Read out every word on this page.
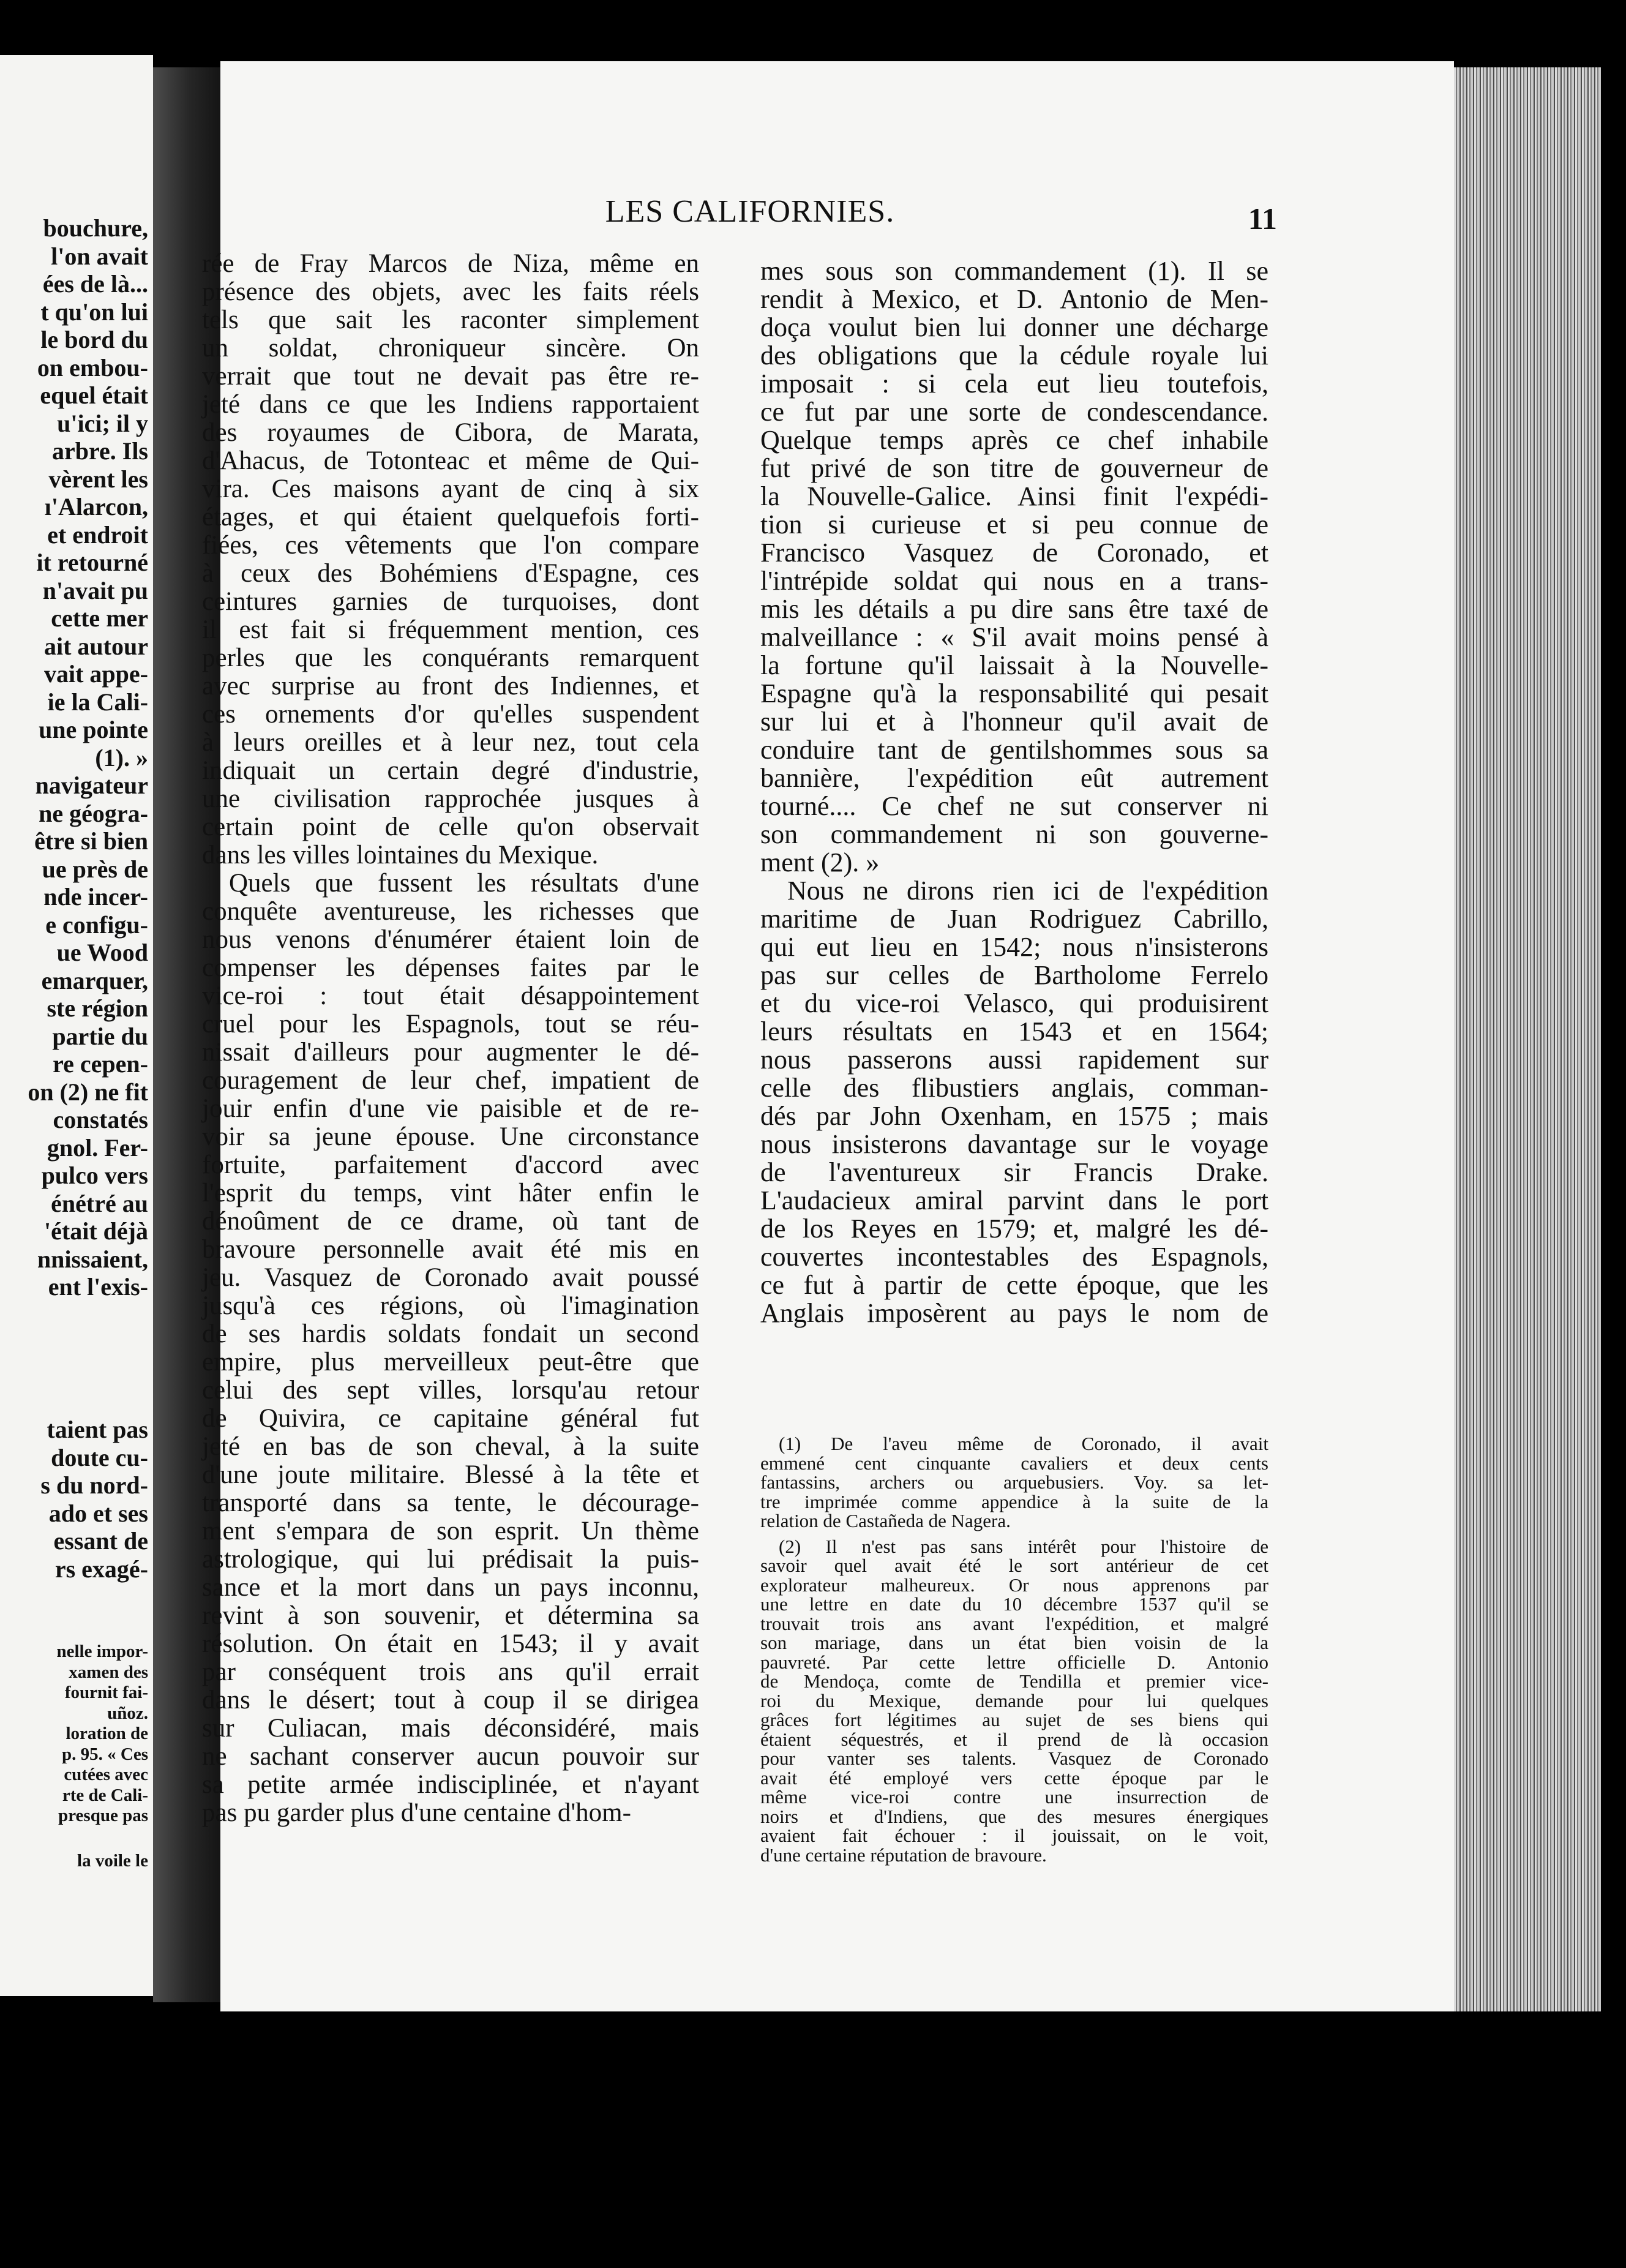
bouchure,
l'on avait
ées de là...
t qu'on lui
le bord du
on embou-
equel était
u'ici; il y
arbre. Ils
vèrent les
ı'Alarcon,
et endroit
it retourné
n'avait pu
cette mer
ait autour
vait appe-
ie la Cali-
une pointe
(1). »
navigateur
ne géogra-
être si bien
ue près de
nde incer-
e configu-
ue Wood
emarquer,
ste région
partie du
re cepen-
on (2) ne fit
constatés
gnol. Fer-
pulco vers
énétré au
'était déjà
nnissaient,
ent l'exis-
taient pas
doute cu-
s du nord-
ado et ses
essant de
rs exagé-
nelle impor-
xamen des
fournit fai-
uñoz.
loration de
p. 95. « Ces
cutées avec
rte de Cali-
presque pas
la voile le
LES CALIFORNIES.	11
rée de Fray Marcos de Niza, même en
présence des objets, avec les faits réels
tels que sait les raconter simplement
un soldat, chroniqueur sincère. On
verrait que tout ne devait pas être re-
jeté dans ce que les Indiens rapportaient
des royaumes de Cibora, de Marata,
d'Ahacus, de Totonteac et même de Qui-
vira. Ces maisons ayant de cinq à six
étages, et qui étaient quelquefois forti-
fiées, ces vêtements que l'on compare
à ceux des Bohémiens d'Espagne, ces
ceintures garnies de turquoises, dont
il est fait si fréquemment mention, ces
perles que les conquérants remarquent
avec surprise au front des Indiennes, et
ces ornements d'or qu'elles suspendent
à leurs oreilles et à leur nez, tout cela
indiquait un certain degré d'industrie,
une civilisation rapprochée jusques à
certain point de celle qu'on observait
dans les villes lointaines du Mexique.
Quels que fussent les résultats d'une
conquête aventureuse, les richesses que
nous venons d'énumérer étaient loin de
compenser les dépenses faites par le
vice-roi : tout était désappointement
cruel pour les Espagnols, tout se réu-
nissait d'ailleurs pour augmenter le dé-
couragement de leur chef, impatient de
jouir enfin d'une vie paisible et de re-
voir sa jeune épouse. Une circonstance
fortuite, parfaitement d'accord avec
l'esprit du temps, vint hâter enfin le
dénoûment de ce drame, où tant de
bravoure personnelle avait été mis en
jeu. Vasquez de Coronado avait poussé
jusqu'à ces régions, où l'imagination
de ses hardis soldats fondait un second
empire, plus merveilleux peut-être que
celui des sept villes, lorsqu'au retour
de Quivira, ce capitaine général fut
jeté en bas de son cheval, à la suite
d'une joute militaire. Blessé à la tête et
transporté dans sa tente, le décourage-
ment s'empara de son esprit. Un thème
astrologique, qui lui prédisait la puis-
sance et la mort dans un pays inconnu,
revint à son souvenir, et détermina sa
résolution. On était en 1543; il y avait
par conséquent trois ans qu'il errait
dans le désert; tout à coup il se dirigea
sur Culiacan, mais déconsidéré, mais
ne sachant conserver aucun pouvoir sur
sa petite armée indisciplinée, et n'ayant
pas pu garder plus d'une centaine d'hom-
mes sous son commandement (1). Il se
rendit à Mexico, et D. Antonio de Men-
doça voulut bien lui donner une décharge
des obligations que la cédule royale lui
imposait : si cela eut lieu toutefois,
ce fut par une sorte de condescendance.
Quelque temps après ce chef inhabile
fut privé de son titre de gouverneur de
la Nouvelle-Galice. Ainsi finit l'expédi-
tion si curieuse et si peu connue de
Francisco Vasquez de Coronado, et
l'intrépide soldat qui nous en a trans-
mis les détails a pu dire sans être taxé de
malveillance : « S'il avait moins pensé à
la fortune qu'il laissait à la Nouvelle-
Espagne qu'à la responsabilité qui pesait
sur lui et à l'honneur qu'il avait de
conduire tant de gentilshommes sous sa
bannière, l'expédition eût autrement
tourné.... Ce chef ne sut conserver ni
son commandement ni son gouverne-
ment (2). »
Nous ne dirons rien ici de l'expédition
maritime de Juan Rodriguez Cabrillo,
qui eut lieu en 1542; nous n'insisterons
pas sur celles de Bartholome Ferrelo
et du vice-roi Velasco, qui produisirent
leurs résultats en 1543 et en 1564;
nous passerons aussi rapidement sur
celle des flibustiers anglais, comman-
dés par John Oxenham, en 1575 ; mais
nous insisterons davantage sur le voyage
de l'aventureux sir Francis Drake.
L'audacieux amiral parvint dans le port
de los Reyes en 1579; et, malgré les dé-
couvertes incontestables des Espagnols,
ce fut à partir de cette époque, que les
Anglais imposèrent au pays le nom de
(1) De l'aveu même de Coronado, il avait
emmené cent cinquante cavaliers et deux cents
fantassins, archers ou arquebusiers. Voy. sa let-
tre imprimée comme appendice à la suite de la
relation de Castañeda de Nagera.
(2) Il n'est pas sans intérêt pour l'histoire de
savoir quel avait été le sort antérieur de cet
explorateur malheureux. Or nous apprenons par
une lettre en date du 10 décembre 1537 qu'il se
trouvait trois ans avant l'expédition, et malgré
son mariage, dans un état bien voisin de la
pauvreté. Par cette lettre officielle D. Antonio
de Mendoça, comte de Tendilla et premier vice-
roi du Mexique, demande pour lui quelques
grâces fort légitimes au sujet de ses biens qui
étaient séquestrés, et il prend de là occasion
pour vanter ses talents. Vasquez de Coronado
avait été employé vers cette époque par le
même vice-roi contre une insurrection de
noirs et d'Indiens, que des mesures énergiques
avaient fait échouer : il jouissait, on le voit,
d'une certaine réputation de bravoure.
